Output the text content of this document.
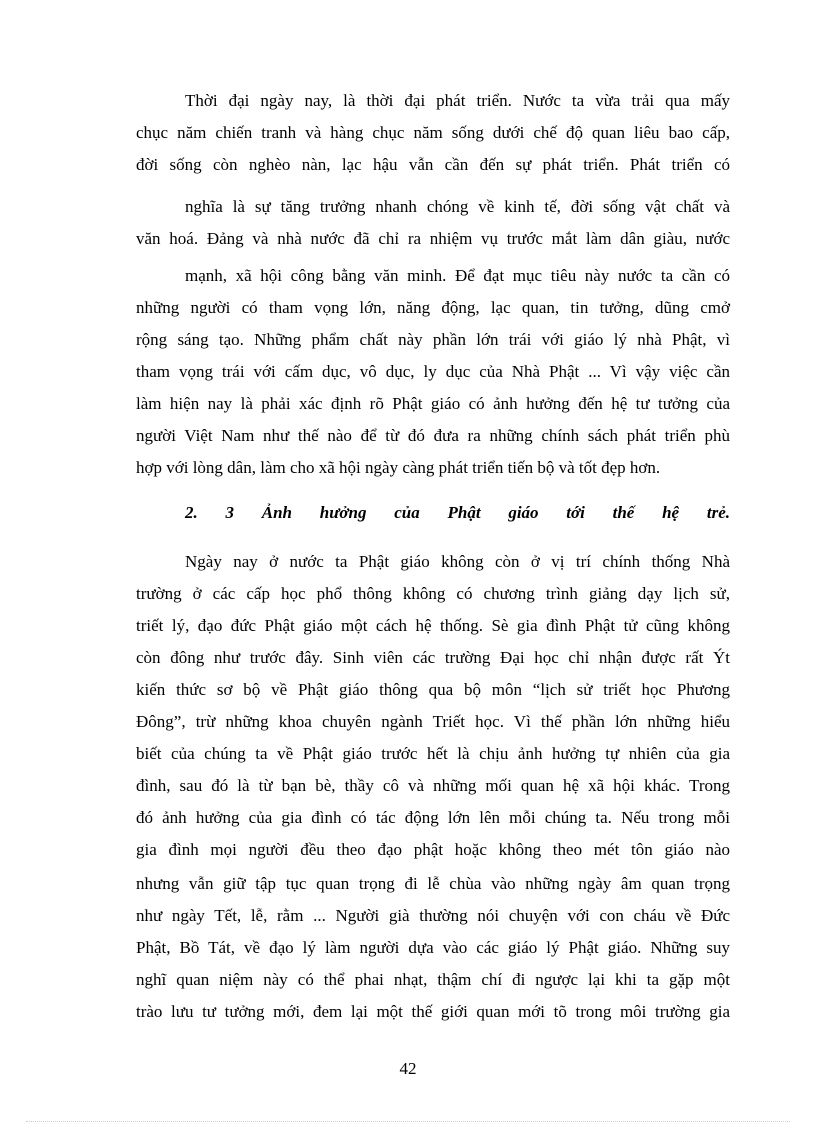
Thời đại ngày nay, là thời đại phát triển. Nước ta vừa trải qua mấy
chục năm chiến tranh và hàng chục năm sống dưới chế độ quan liêu bao cấp,
đời sống còn nghèo nàn, lạc hậu vẫn cần đến sự phát triển. Phát triển có
nghĩa là sự tăng trưởng nhanh chóng về kinh tế, đời sống vật chất và
văn hoá. Đảng và nhà nước đã chỉ ra nhiệm vụ trước mắt làm dân giàu, nước
mạnh, xã hội công bằng văn minh. Để đạt mục tiêu này nước ta cần có
những người có tham vọng lớn, năng động, lạc quan, tin tưởng, dũng cmở
rộng sáng tạo. Những phẩm chất này phần lớn trái với giáo lý nhà Phật, vì
tham vọng trái với cấm dục, vô dục, ly dục của Nhà Phật ... Vì vậy việc cần
làm hiện nay là phải xác định rõ Phật giáo có ảnh hưởng đến hệ tư tưởng của
người Việt Nam như thế nào để từ đó đưa ra những chính sách phát triển phù
hợp với lòng dân, làm cho xã hội ngày càng phát triển tiến bộ và tốt đẹp hơn.
2. 3 Ảnh hưởng của Phật giáo tới thế hệ trẻ.
Ngày nay ở nước ta Phật giáo không còn ở vị trí chính thống Nhà
trường ở các cấp học phổ thông không có chương trình giảng dạy lịch sử,
triết lý, đạo đức Phật giáo một cách hệ thống. Sè gia đình Phật tử cũng không
còn đông như trước đây. Sinh viên các trường Đại học chỉ nhận được rất Ýt
kiến thức sơ bộ về Phật giáo thông qua bộ môn “lịch sử triết học Phương
Đông”, trừ những khoa chuyên ngành Triết học. Vì thế phần lớn những hiểu
biết của chúng ta về Phật giáo trước hết là chịu ảnh hưởng tự nhiên của gia
đình, sau đó là từ bạn bè, thầy cô và những mối quan hệ xã hội khác. Trong
đó ảnh hưởng của gia đình có tác động lớn lên mỗi chúng ta. Nếu trong mỗi
gia đình mọi người đều theo đạo phật hoặc không theo mét tôn giáo nào
nhưng vẫn giữ tập tục quan trọng đi lễ chùa vào những ngày âm quan trọng
như ngày Tết, lễ, rằm ... Người già thường nói chuyện với con cháu về Đức
Phật, Bồ Tát, về đạo lý làm người dựa vào các giáo lý Phật giáo. Những suy
nghĩ quan niệm này có thể phai nhạt, thậm chí đi ngược lại khi ta gặp một
trào lưu tư tưởng mới, đem lại một thế giới quan mới tõ trong môi trường gia
42
